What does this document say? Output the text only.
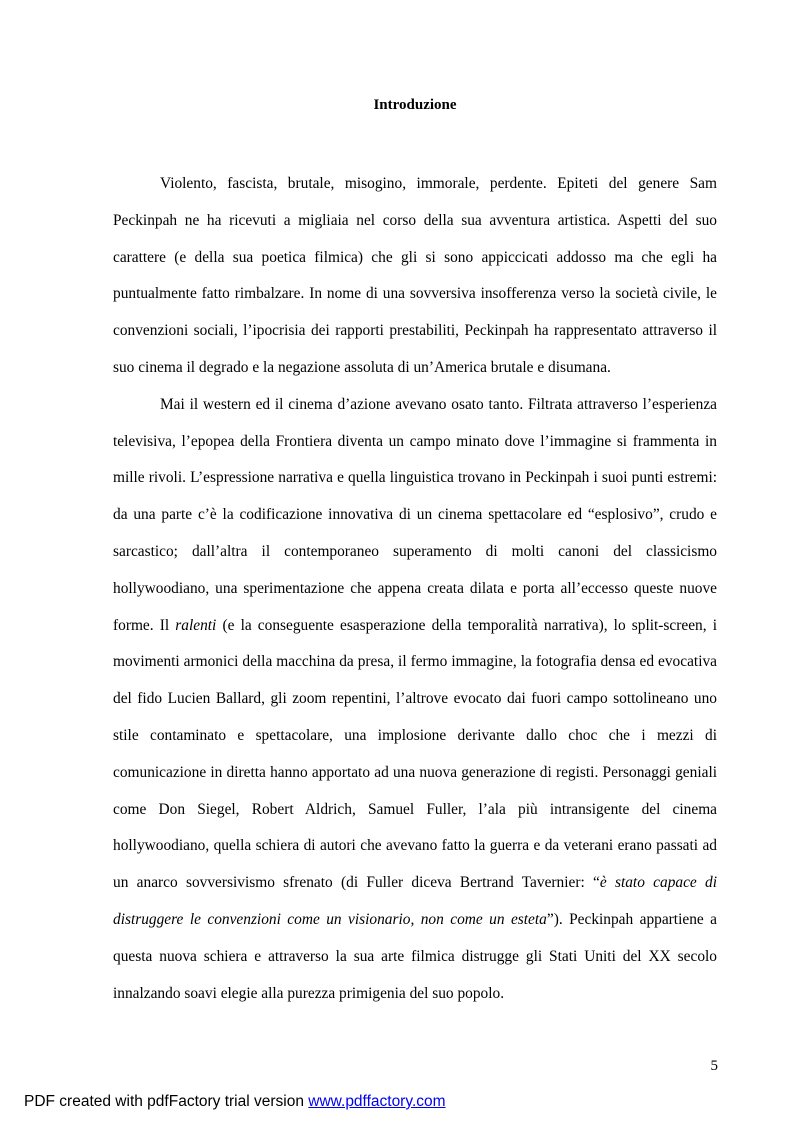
Introduzione

Violento, fascista, brutale, misogino, immorale, perdente. Epiteti del genere Sam Peckinpah ne ha ricevuti a migliaia nel corso della sua avventura artistica. Aspetti del suo carattere (e della sua poetica filmica) che gli si sono appiccicati addosso ma che egli ha puntualmente fatto rimbalzare. In nome di una sovversiva insofferenza verso la società civile, le convenzioni sociali, l’ipocrisia dei rapporti prestabiliti, Peckinpah ha rappresentato attraverso il suo cinema il degrado e la negazione assoluta di un’America brutale e disumana.

Mai il western ed il cinema d’azione avevano osato tanto. Filtrata attraverso l’esperienza televisiva, l’epopea della Frontiera diventa un campo minato dove l’immagine si frammenta in mille rivoli. L’espressione narrativa e quella linguistica trovano in Peckinpah i suoi punti estremi: da una parte c’è la codificazione innovativa di un cinema spettacolare ed “esplosivo”, crudo e sarcastico; dall’altra il contemporaneo superamento di molti canoni del classicismo hollywoodiano, una sperimentazione che appena creata dilata e porta all’eccesso queste nuove forme. Il ralenti (e la conseguente esasperazione della temporalità narrativa), lo split-screen, i movimenti armonici della macchina da presa, il fermo immagine, la fotografia densa ed evocativa del fido Lucien Ballard, gli zoom repentini, l’altrove evocato dai fuori campo sottolineano uno stile contaminato e spettacolare, una implosione derivante dallo choc che i mezzi di comunicazione in diretta hanno apportato ad una nuova generazione di registi. Personaggi geniali come Don Siegel, Robert Aldrich, Samuel Fuller, l’ala più intransigente del cinema hollywoodiano, quella schiera di autori che avevano fatto la guerra e da veterani erano passati ad un anarco sovversivismo sfrenato (di Fuller diceva Bertrand Tavernier: “è stato capace di distruggere le convenzioni come un visionario, non come un esteta”). Peckinpah appartiene a questa nuova schiera e attraverso la sua arte filmica distrugge gli Stati Uniti del XX secolo innalzando soavi elegie alla purezza primigenia del suo popolo.

5
PDF created with pdfFactory trial version www.pdffactory.com
